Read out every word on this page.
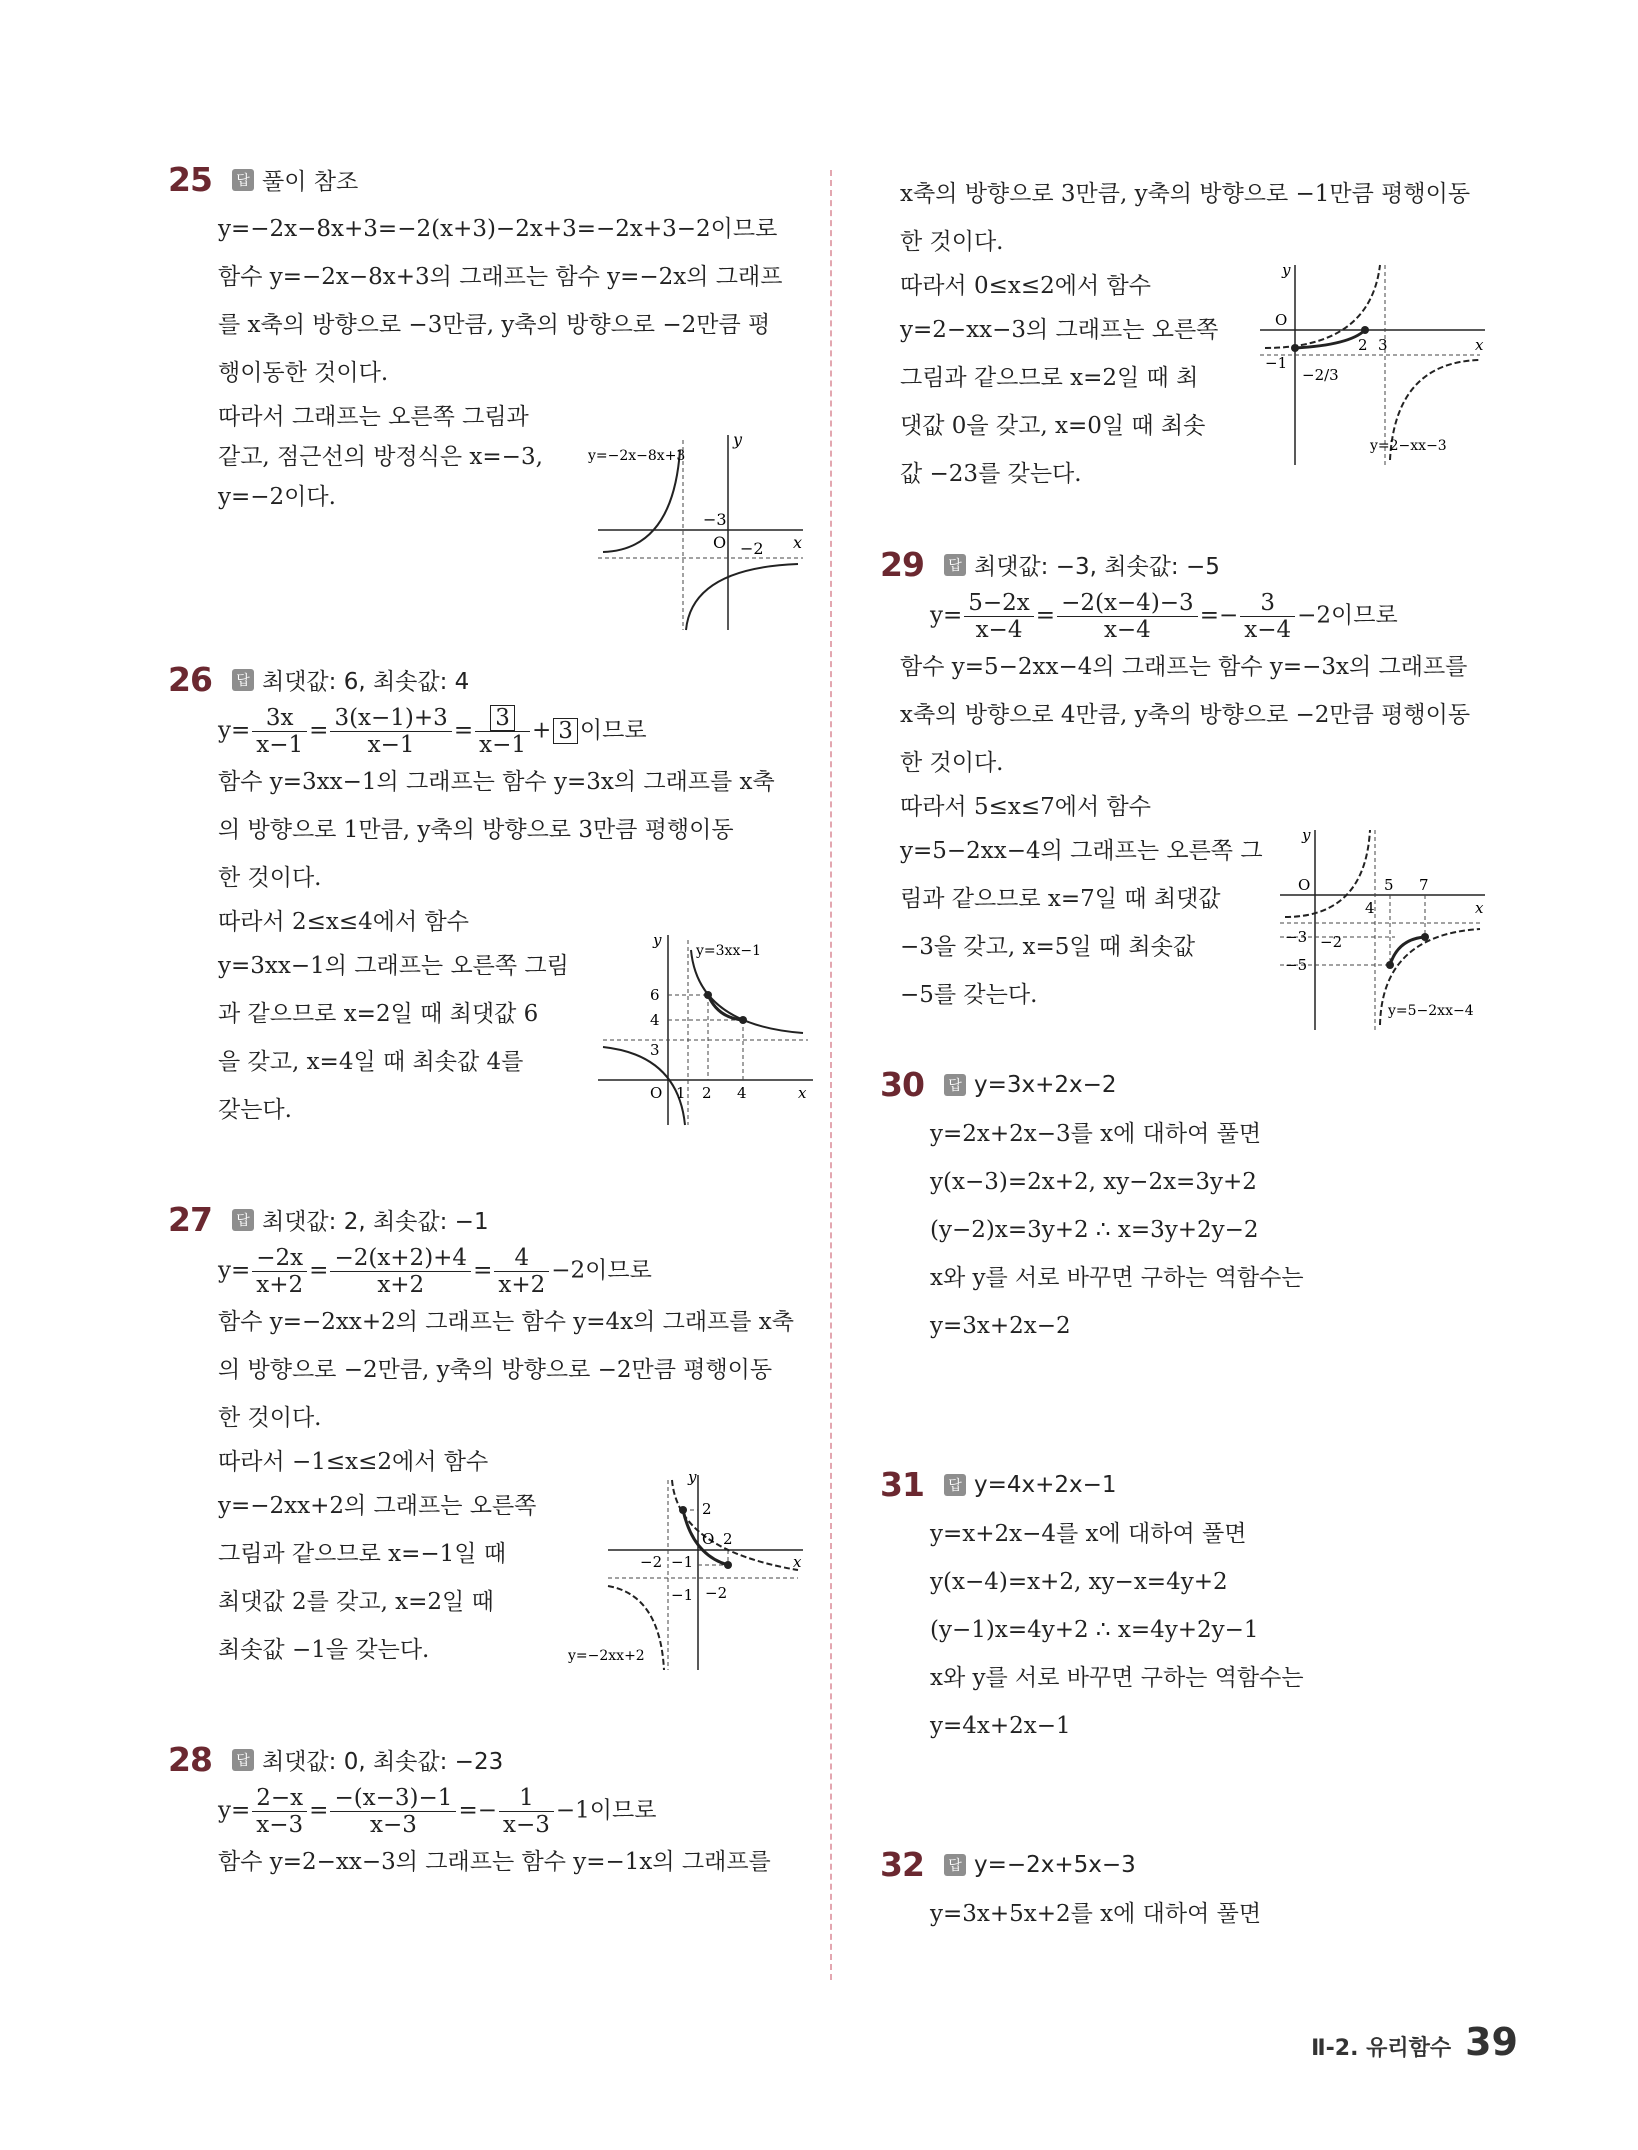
25	답 풀이 참조
y=−2x−8x+3=−2(x+3)−2x+3=−2x+3−2이므로
함수 y=−2x−8x+3의 그래프는 함수 y=−2x의 그래프
를 x축의 방향으로 −3만큼, y축의 방향으로 −2만큼 평
행이동한 것이다.
따라서 그래프는 오른쪽 그림과
같고, 점근선의 방정식은 x=−3,
y=−2이다.
−3
O −2 x
y
y=−2x−8x+3
26	답 최댓값: 6, 최솟값: 4
$y= \frac{3x}{x-1} = \frac{3(x-1)+3}{x-1} = \frac{3}{x-1} + 3$ 이므로
함수 y=3xx−1의 그래프는 함수 y=3x의 그래프를 x축
의 방향으로 1만큼, y축의 방향으로 3만큼 평행이동
한 것이다.
따라서 2≤x≤4에서 함수
y=3xx−1의 그래프는 오른쪽 그림
과 같으므로 x=2일 때 최댓값 6
을 갖고, x=4일 때 최솟값 4를
갖는다.
6
4
3
O 1 2 4	x
y
y=3xx−1
27	답 최댓값: 2, 최솟값: −1
$y= \frac{-2x}{x+2} = \frac{-2(x+2)+4}{x+2} = \frac{4}{x+2} -2$이므로
함수 y=−2xx+2의 그래프는 함수 y=4x의 그래프를 x축
의 방향으로 −2만큼, y축의 방향으로 −2만큼 평행이동
한 것이다.
따라서 −1≤x≤2에서 함수
y=−2xx+2의 그래프는 오른쪽
그림과 같으므로 x=−1일 때
최댓값 2를 갖고, x=2일 때
최솟값 −1을 갖는다.
2
O 2
−2 −1
−1 −2
x
y
y=−2xx+2
28	답 최댓값: 0, 최솟값: −23
$y= \frac{2-x}{x-3} = \frac{-(x-3)-1}{x-3} =- \frac{1}{x-3} -1$이므로
함수 y=2−xx−3의 그래프는 함수 y=−1x의 그래프를
x축의 방향으로 3만큼, y축의 방향으로 −1만큼 평행이동
한 것이다.
따라서 0≤x≤2에서 함수
y=2−xx−3의 그래프는 오른쪽
그림과 같으므로 x=2일 때 최
댓값 0을 갖고, x=0일 때 최솟
값 −23를 갖는다.
O
2 3
−1
−2/3
x
y
y=2−xx−3
29	답 최댓값: −3, 최솟값: −5
$y= \frac{5-2x}{x-4} = \frac{-2(x-4)-3}{x-4} =- \frac{3}{x-4} -2$이므로
함수 y=5−2xx−4의 그래프는 함수 y=−3x의 그래프를
x축의 방향으로 4만큼, y축의 방향으로 −2만큼 평행이동
한 것이다.
따라서 5≤x≤7에서 함수
y=5−2xx−4의 그래프는 오른쪽 그
림과 같으므로 x=7일 때 최댓값
−3을 갖고, x=5일 때 최솟값
−5를 갖는다.
O
4
5 7
−3 −2
−5
x
y
y=5−2xx−4
30	답 y=3x+2x−2
y=2x+2x−3를 x에 대하여 풀면
y(x−3)=2x+2, xy−2x=3y+2
(y−2)x=3y+2 ∴ x=3y+2y−2
x와 y를 서로 바꾸면 구하는 역함수는
y=3x+2x−2
31	답 y=4x+2x−1
y=x+2x−4를 x에 대하여 풀면
y(x−4)=x+2, xy−x=4y+2
(y−1)x=4y+2 ∴ x=4y+2y−1
x와 y를 서로 바꾸면 구하는 역함수는
y=4x+2x−1
32	답 y=−2x+5x−3
y=3x+5x+2를 x에 대하여 풀면
Ⅱ-2. 유리함수 39
